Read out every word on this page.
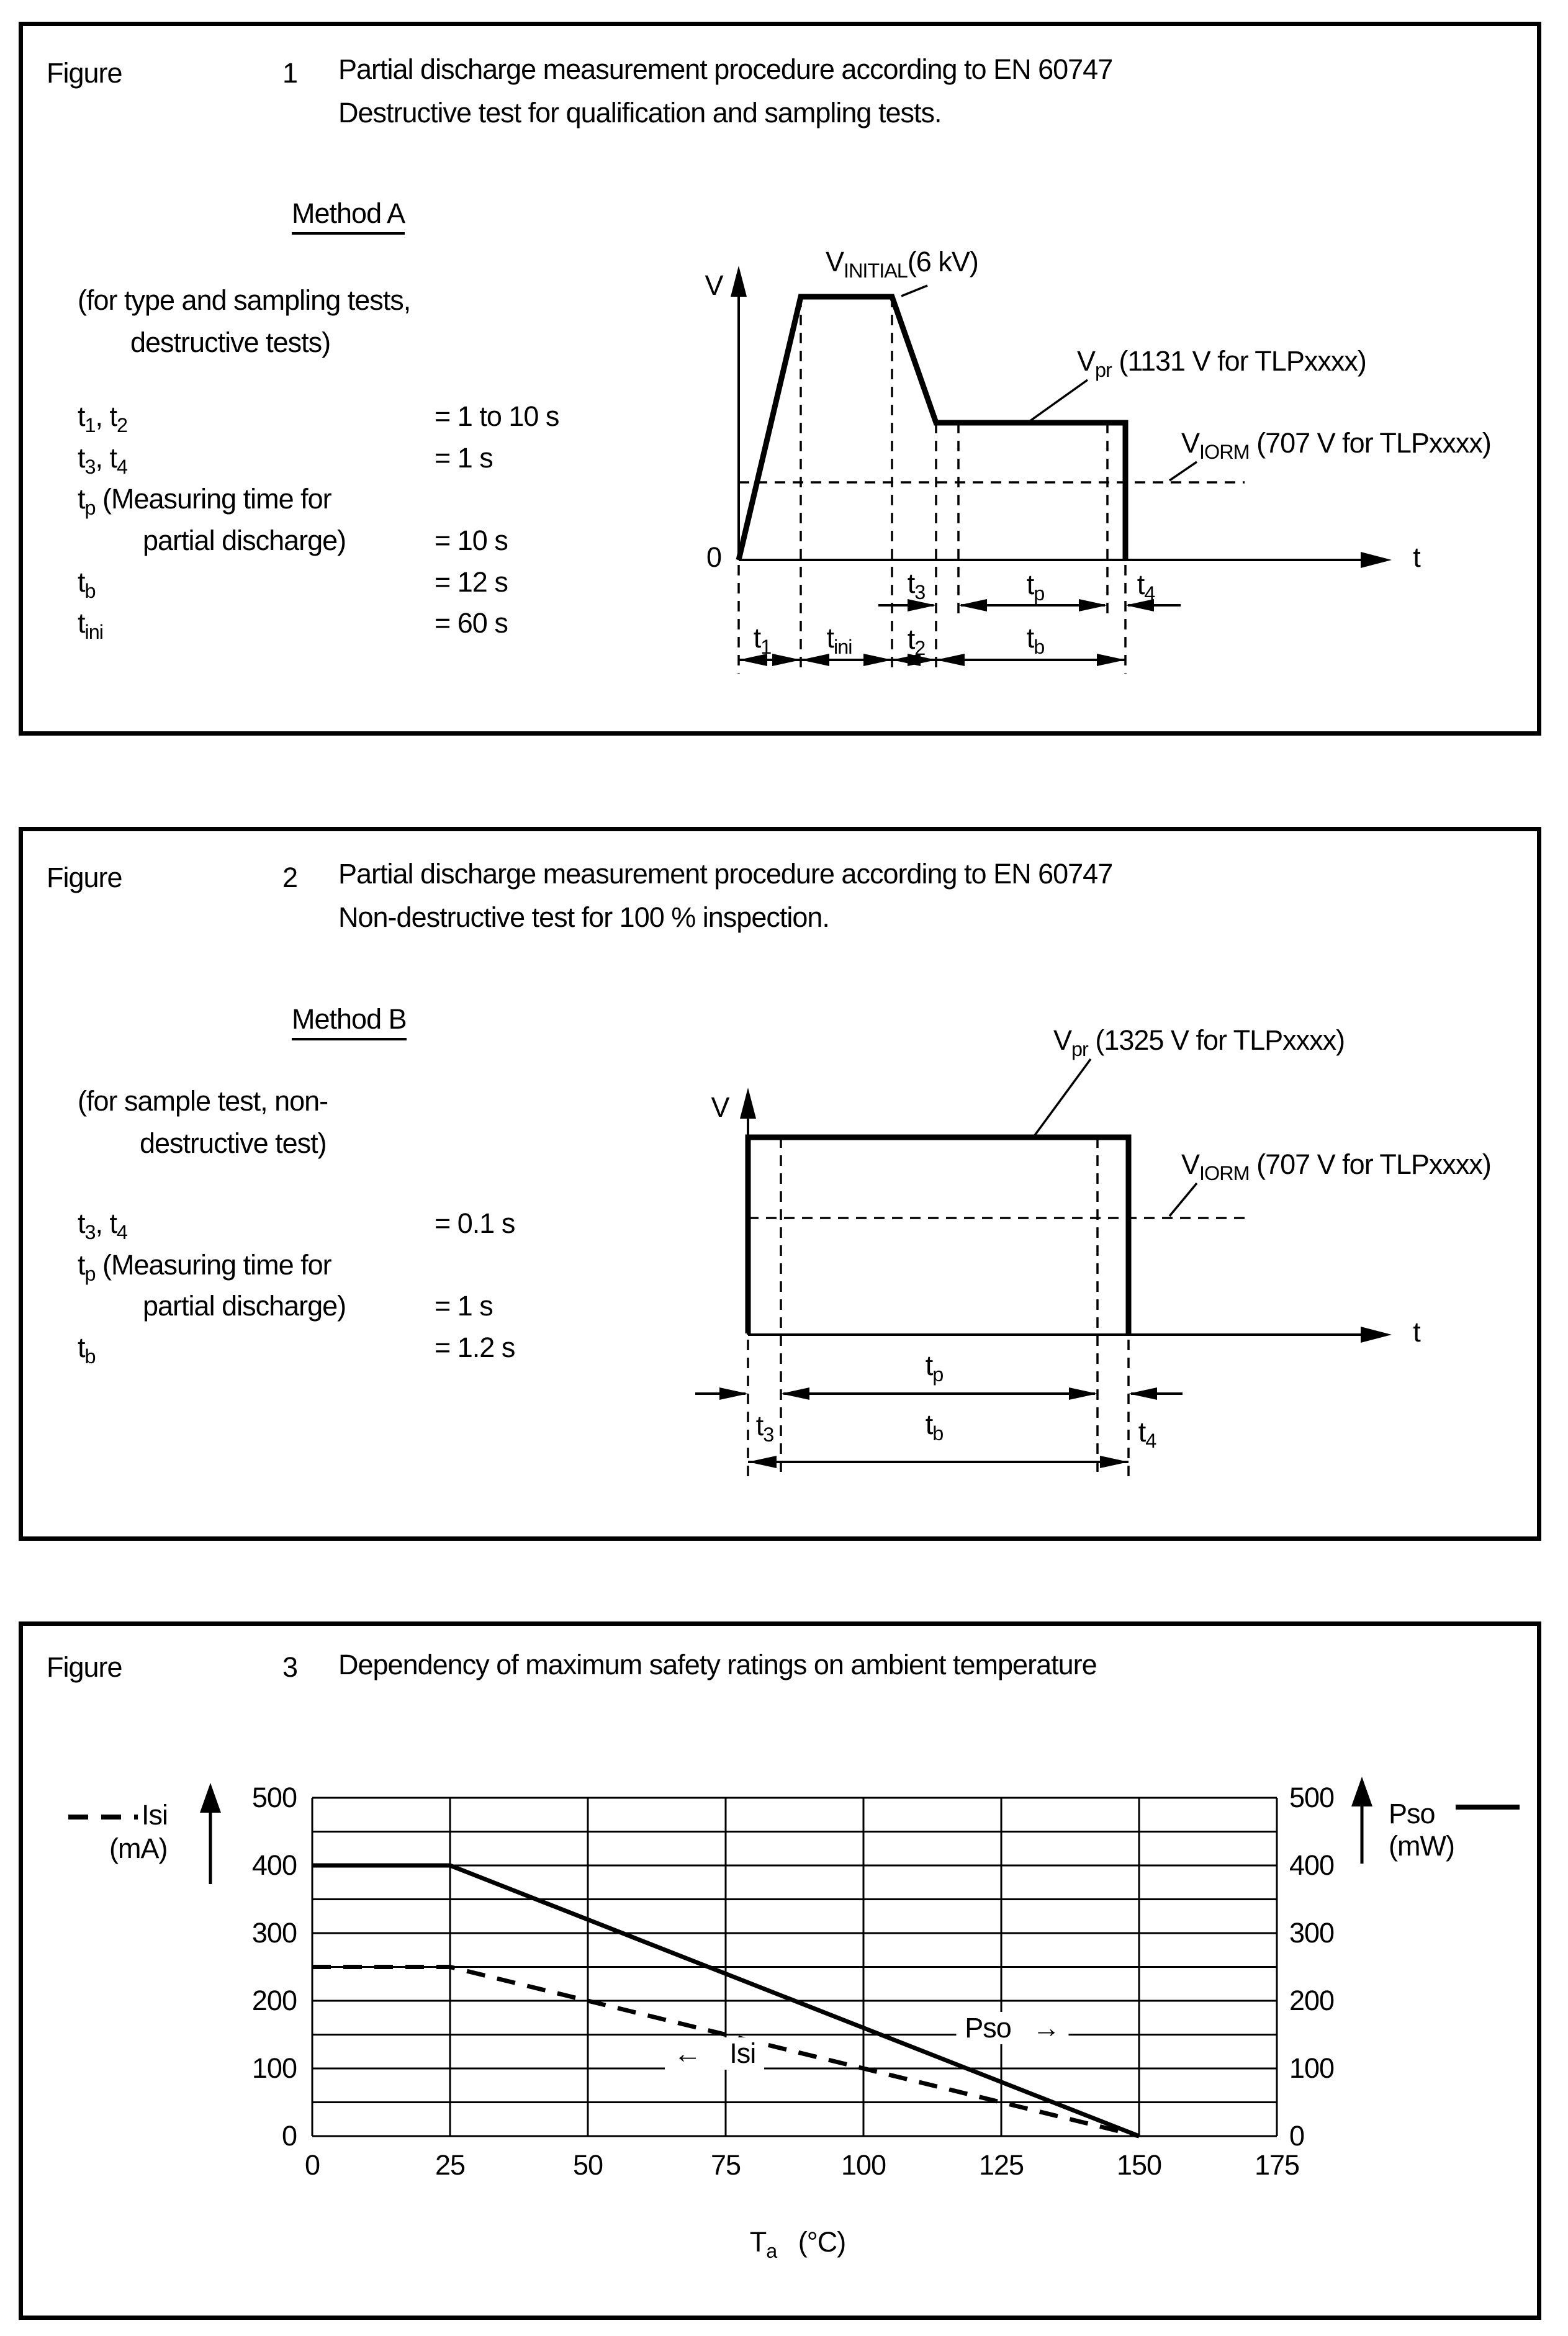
Figure	1 Partial discharge measurement procedure according to EN 60747
Destructive test for qualification and sampling tests.
Method A
(for type and sampling tests,
destructive tests)
$t_1$, $t_2$	= 1 to 10 s
$t_3$, $t_4$	= 1 s
$t_p$ (Measuring time for
partial discharge)	= 10 s
$t_b$	= 12 s
$t_{ini}$	= 60 s
V
0	t
$V_{INITIAL}(6$ kV)
$V_{pr}$ (1131 V for TLPxxxx)
$V_{IORM}$ (707 V for TLPxxxx)
$t_3$	$t_p$	$t_4$
$t_1$ $t_{ini}$ $t_2$	$t_b$
Figure	2 Partial discharge measurement procedure according to EN 60747
Non-destructive test for 100 % inspection.
Method B
(for sample test, non-
destructive test)
$t_3$, $t_4$	= 0.1 s
$t_p$ (Measuring time for
partial discharge)	= 1 s
$t_b$	= 1.2 s
V
t
$V_{pr}$ (1325 V for TLPxxxx)
$V_{IORM}$ (707 V for TLPxxxx)
$t_p$
$t_3$	$t_b$	$t_4$
Figure	3 Dependency of maximum safety ratings on ambient temperature
Isi
(mA)
Pso
(mW)
$T_a$   (°C)
500
400
300
200
100
0
500
400
300
200
100
0
0	25	50	75	100	125	150	175
←    Isi
Pso   →
